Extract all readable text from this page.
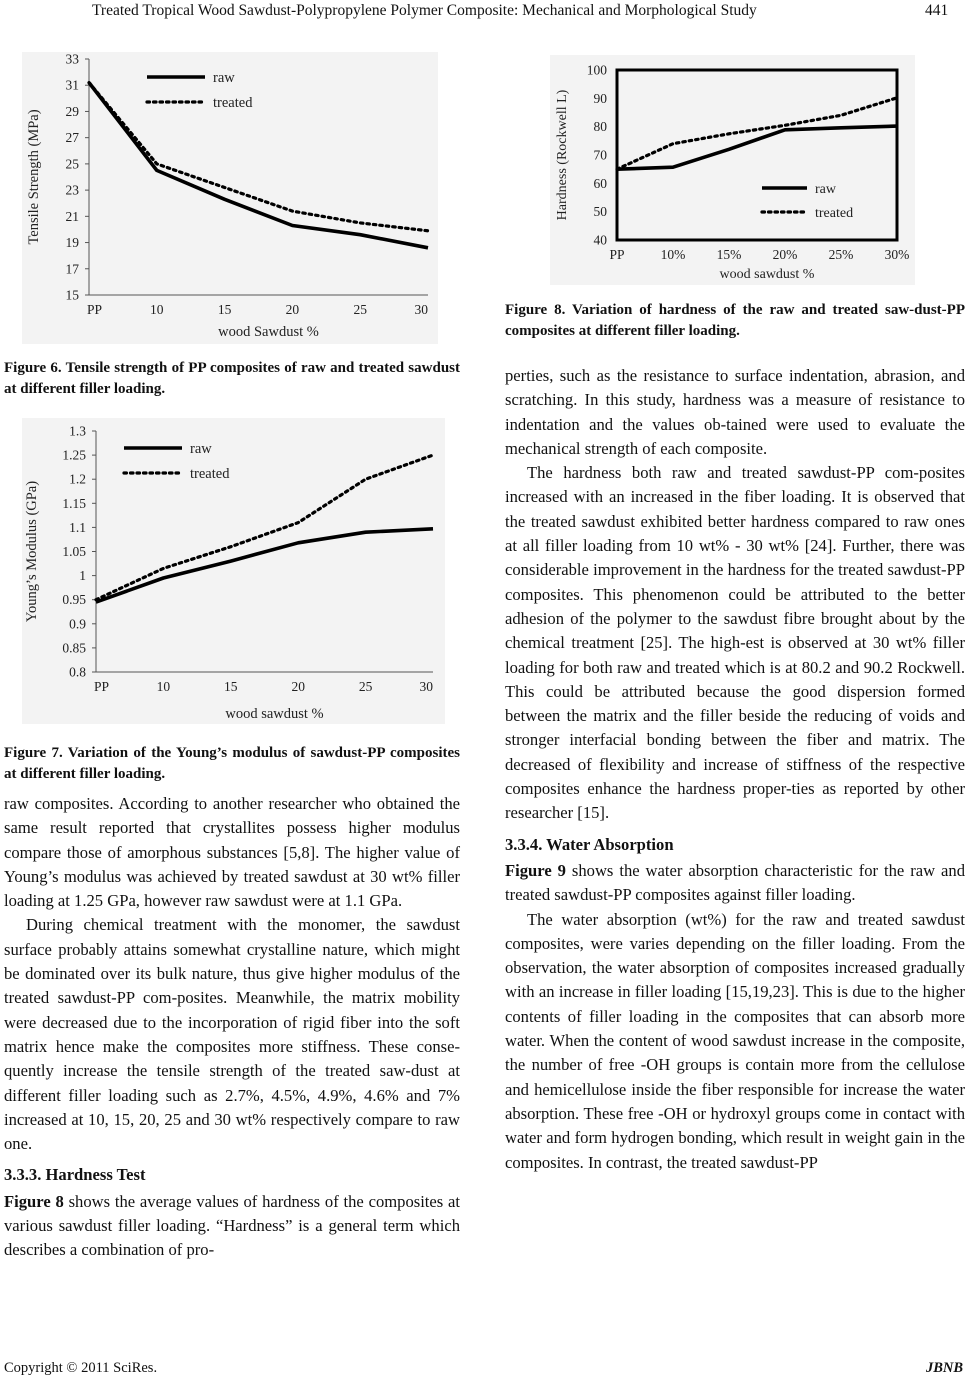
Treated Tropical Wood Sawdust-Polypropylene Polymer Composite: Mechanical and Morphological Study	441
15
17
19
21
23
25
27
29
31
33
PP	10	15	20	25	30
wood Sawdust %
Tensile Strength (MPa)
raw
treated
Figure 6. Tensile strength of PP composites of raw and treated sawdust at different filler loading.
0.8
0.85
0.9
0.95
1
1.05
1.1
1.15
1.2
1.25
1.3
PP	10	15	20	25	30
wood sawdust %
Young’s Modulus (GPa)
raw
treated
Figure 7. Variation of the Young’s modulus of sawdust-PP composites at different filler loading.
40
50
60
70
80
90
100
PP	10% 15% 20% 25% 30%
wood sawdust %
Hardness (Rockwell L)	raw
treated
Figure 8. Variation of hardness of the raw and treated saw-dust-PP composites at different filler loading.

raw composites. According to another researcher who obtained the same result reported that crystallites possess higher modulus compare those of amorphous substances [5,8]. The higher value of Young’s modulus was achieved by treated sawdust at 30 wt% filler loading at 1.25 GPa, however raw sawdust were at 1.1 GPa.

During chemical treatment with the monomer, the sawdust surface probably attains somewhat crystalline nature, which might be dominated over its bulk nature, thus give higher modulus of the treated sawdust-PP com-posites. Meanwhile, the matrix mobility were decreased due to the incorporation of rigid fiber into the soft matrix hence make the composites more stiffness. These conse-quently increase the tensile strength of the treated saw-dust at different filler loading such as 2.7%, 4.5%, 4.9%, 4.6% and 7% increased at 10, 15, 20, 25 and 30 wt% respectively compare to raw one.

3.3.3. Hardness Test

Figure 8 shows the average values of hardness of the composites at various sawdust filler loading. “Hardness” is a general term which describes a combination of pro-

perties, such as the resistance to surface indentation, abrasion, and scratching. In this study, hardness was a measure of resistance to indentation and the values ob-tained were used to evaluate the mechanical strength of each composite.

The hardness both raw and treated sawdust-PP com-posites increased with an increased in the fiber loading. It is observed that the treated sawdust exhibited better hardness compared to raw ones at all filler loading from 10 wt% - 30 wt% [24]. Further, there was considerable improvement in the hardness for the treated sawdust-PP composites. This phenomenon could be attributed to the better adhesion of the polymer to the sawdust fibre brought about by the chemical treatment [25]. The high-est is observed at 30 wt% filler loading for both raw and treated which is at 80.2 and 90.2 Rockwell. This could be attributed because the good dispersion formed between the matrix and the filler beside the reducing of voids and stronger interfacial bonding between the fiber and matrix. The decreased of flexibility and increase of stiffness of the respective composites enhance the hardness proper-ties as reported by other researcher [15].

3.3.4. Water Absorption

Figure 9 shows the water absorption characteristic for the raw and treated sawdust-PP composites against filler loading.

The water absorption (wt%) for the raw and treated sawdust composites, were varies depending on the filler loading. From the observation, the water absorption of composites increased gradually with an increase in filler loading [15,19,23]. This is due to the higher contents of filler loading in the composites that can absorb more water. When the content of wood sawdust increase in the composite, the number of free -OH groups is contain more from the cellulose and hemicellulose inside the fiber responsible for increase the water absorption. These free -OH or hydroxyl groups come in contact with water and form hydrogen bonding, which result in weight gain in the composites. In contrast, the treated sawdust-PP

Copyright © 2011 SciRes.	JBNB
